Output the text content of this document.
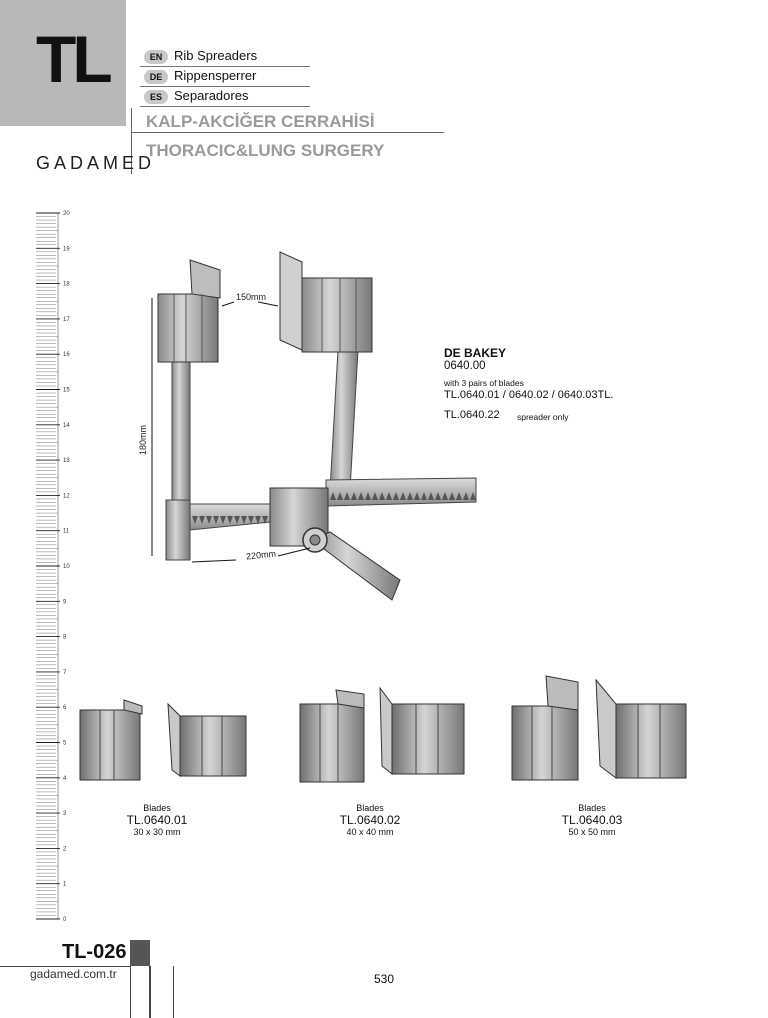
TL	EN Rib Spreaders
DE Rippensperrer
ES Separadores
KALP-AKCİĞER CERRAHİSİ
THORACIC&LUNG SURGERY
GADAMED
20
19
18
17
16
15
14
13
12
11
10
9
8
7
6
5
4
3
2
1
0
150mm
180mm
220mm
DE BAKEY
0640.00
with 3 pairs of blades
TL.0640.01 / 0640.02 / 0640.03TL.
TL.0640.22 spreader only
Blades
TL.0640.01
30 x 30 mm
Blades
TL.0640.02
40 x 40 mm
Blades
TL.0640.03
50 x 50 mm
TL-026
gadamed.com.tr	530
